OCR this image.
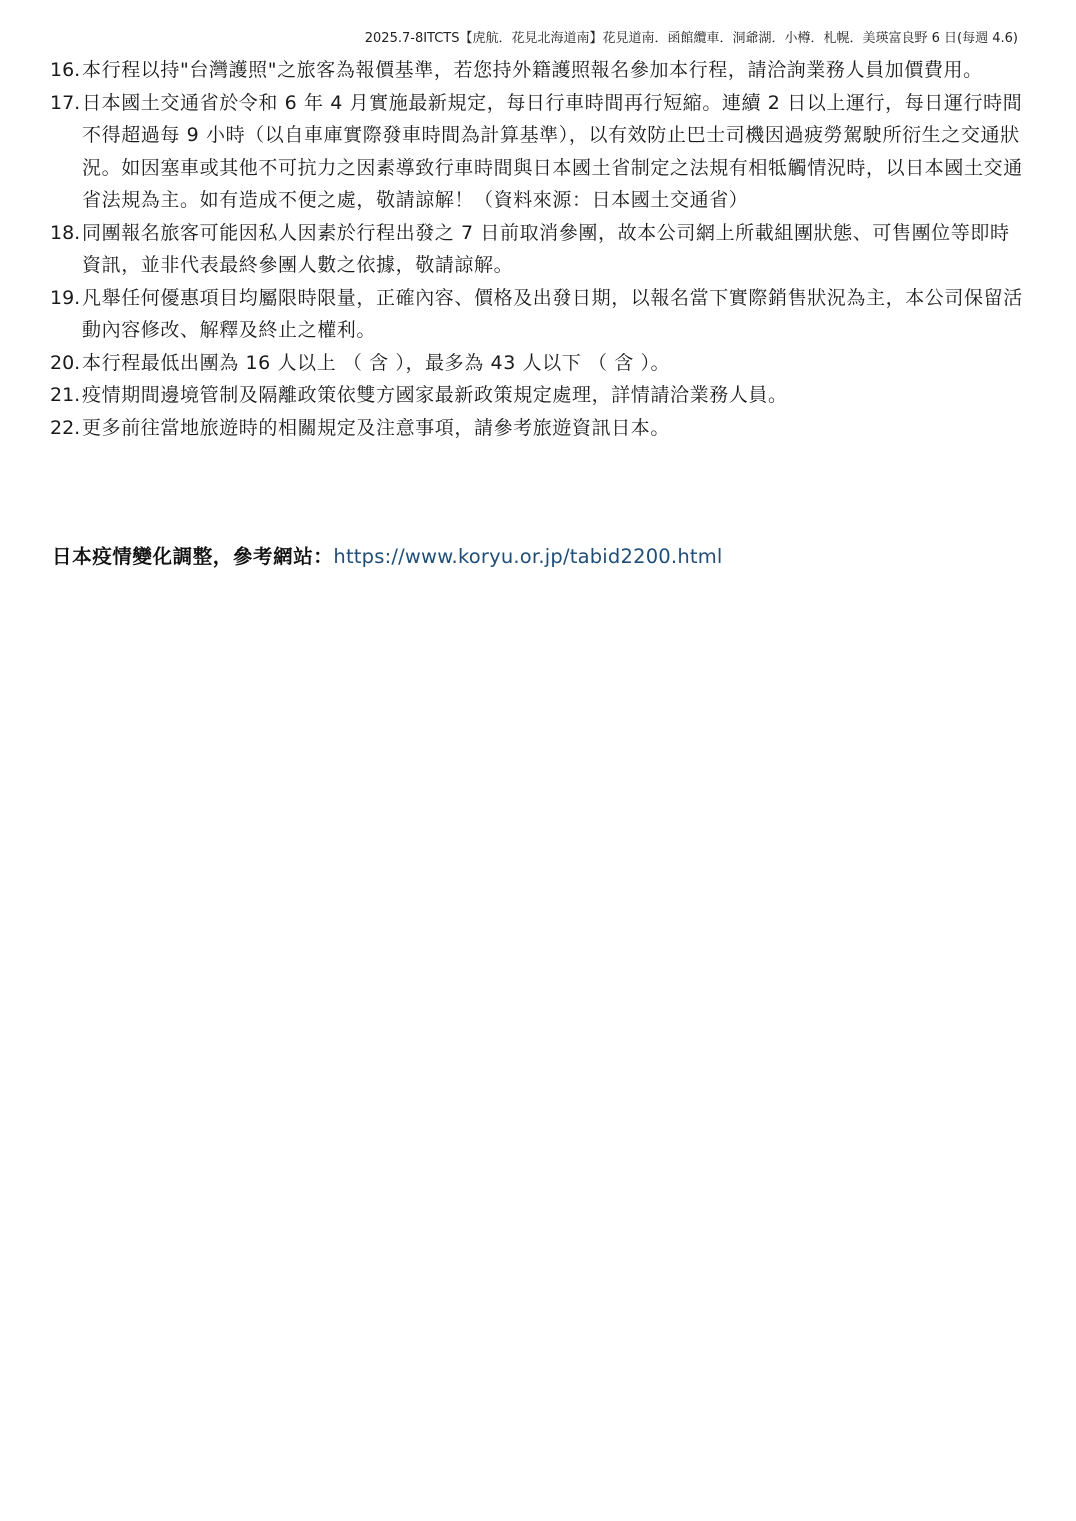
2025.7-8ITCTS【虎航．花見北海道南】花見道南．函館纜車．洞爺湖．小樽．札幌．美瑛富良野 6 日(每週 4.6)
16. 本行程以持"台灣護照"之旅客為報價基準，若您持外籍護照報名參加本行程，請洽詢業務人員加價費用。
17. 日本國土交通省於令和 6 年 4 月實施最新規定，每日行車時間再行短縮。連續 2 日以上運行，每日運行時間不得超過每 9 小時（以自車庫實際發車時間為計算基準），以有效防止巴士司機因過疲勞駕駛所衍生之交通狀況。如因塞車或其他不可抗力之因素導致行車時間與日本國土省制定之法規有相牴觸情況時，以日本國土交通省法規為主。如有造成不便之處，敬請諒解！（資料來源：日本國土交通省）
18. 同團報名旅客可能因私人因素於行程出發之 7 日前取消參團，故本公司網上所載組團狀態、可售團位等即時資訊，並非代表最終參團人數之依據，敬請諒解。
19. 凡舉任何優惠項目均屬限時限量，正確內容、價格及出發日期，以報名當下實際銷售狀況為主，本公司保留活動內容修改、解釋及終止之權利。
20. 本行程最低出團為 16 人以上 （ 含 ），最多為 43 人以下 （ 含 ）。
21. 疫情期間邊境管制及隔離政策依雙方國家最新政策規定處理，詳情請洽業務人員。
22. 更多前往當地旅遊時的相關規定及注意事項，請參考旅遊資訊日本。
日本疫情變化調整，參考網站：https://www.koryu.or.jp/tabid2200.html
